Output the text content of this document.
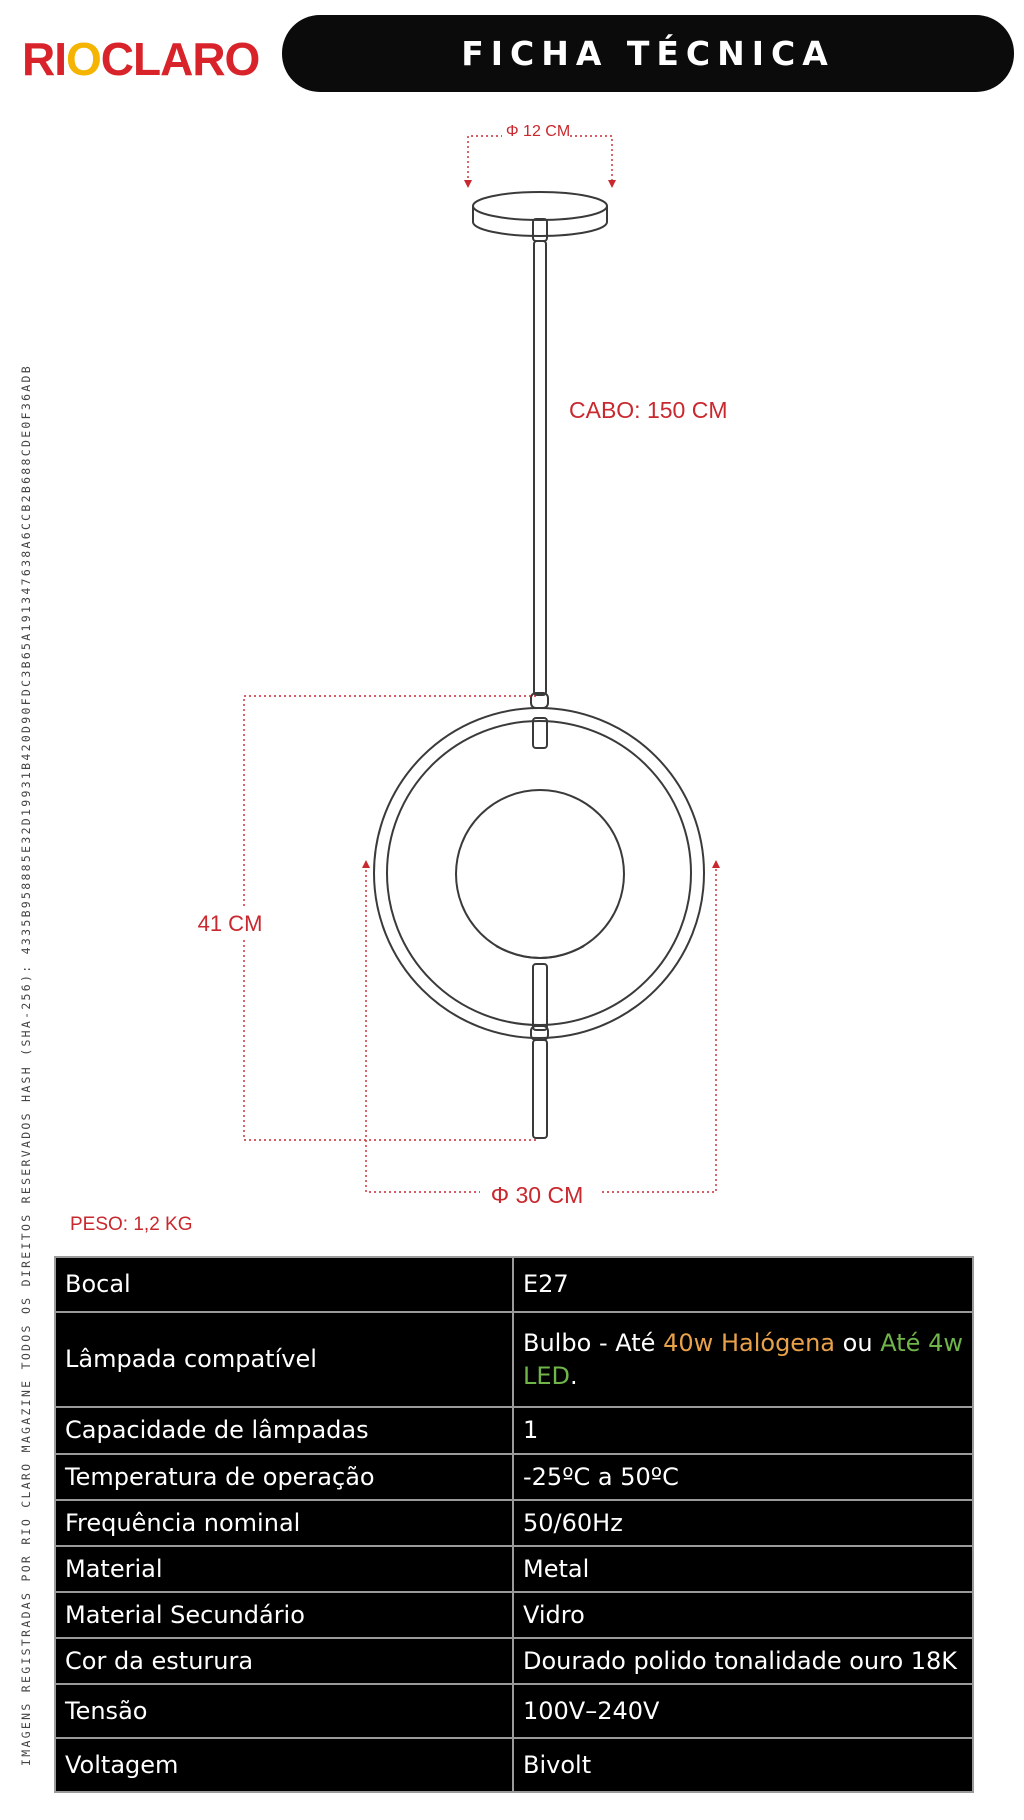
RIOCLARO	FICHA TÉCNICA
IMAGENS REGISTRADAS POR RIO CLARO MAGAZINE TODOS OS DIREITOS RESERVADOS HASH (SHA-256): 4335B958885E32D19931B420D90FDC3B65A191347638A6CCB2B688CDE0F36ADB
Φ 12 CM
CABO: 150 CM
41 CM
Φ 30 CM
PESO: 1,2 KG
Bocal	E27
Lâmpada compatível	Bulbo - Até 40w Halógena ou Até 4w LED.
Capacidade de lâmpadas	1
Temperatura de operação	-25ºC a 50ºC
Frequência nominal	50/60Hz
Material	Metal
Material Secundário	Vidro
Cor da esturura	Dourado polido tonalidade ouro 18K
Tensão	100V–240V
Voltagem	Bivolt
